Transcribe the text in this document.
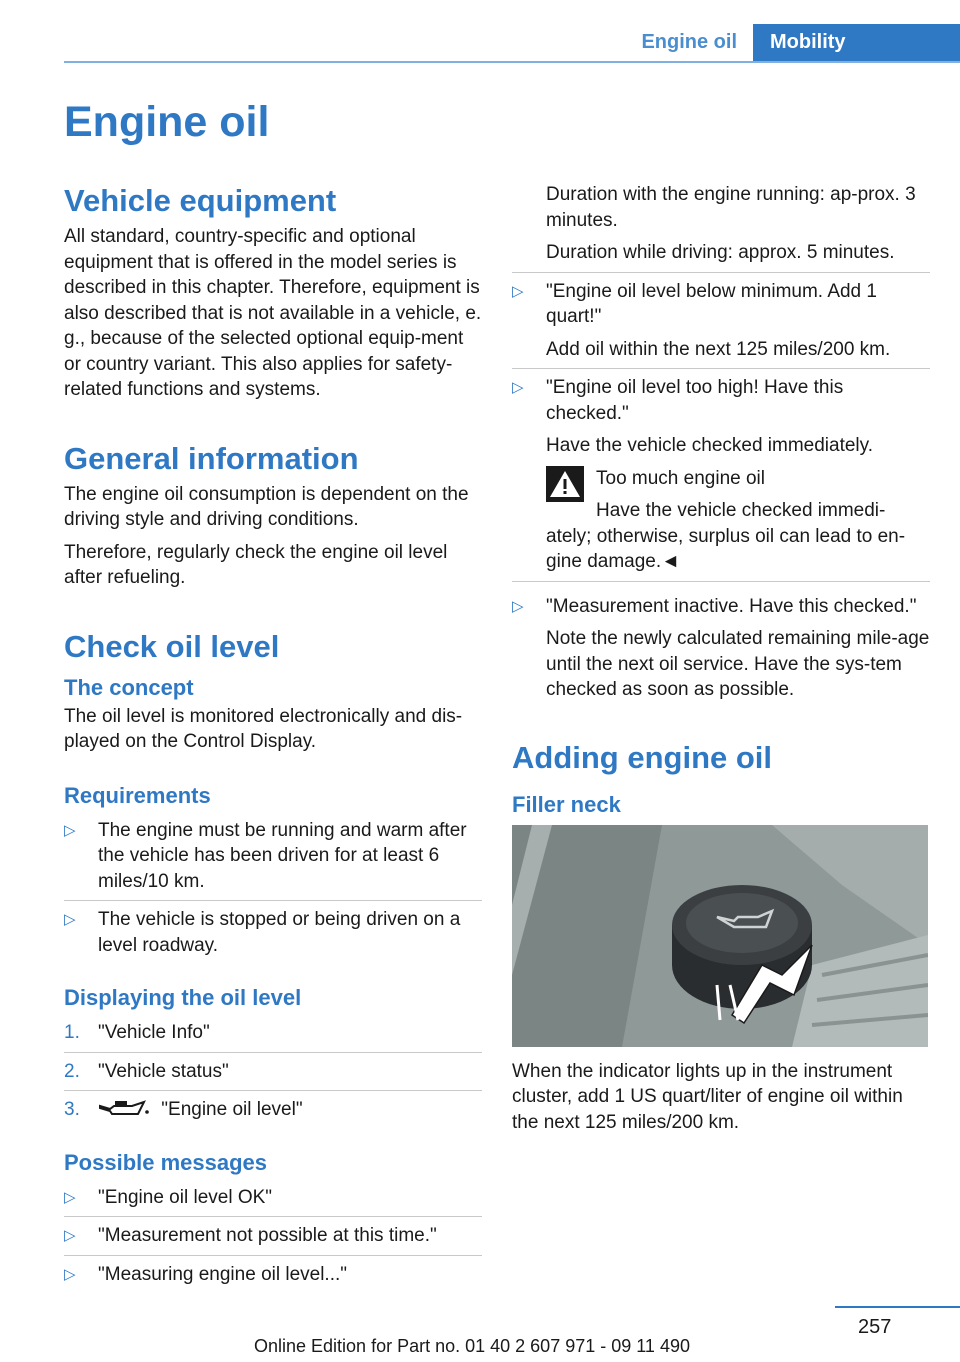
Engine oil	Mobility
Engine oil
Vehicle equipment

All standard, country-specific and optional equipment that is offered in the model series is described in this chapter. Therefore, equipment is also described that is not available in a vehicle, e. g., because of the selected optional equip-ment or country variant. This also applies for safety-related functions and systems.

General information

The engine oil consumption is dependent on the driving style and driving conditions.

Therefore, regularly check the engine oil level after refueling.

Check oil level
The concept

The oil level is monitored electronically and dis-played on the Control Display.

Requirements
▷ The engine must be running and warm after the vehicle has been driven for at least 6 miles/10 km.
▷ The vehicle is stopped or being driven on a level roadway.
Displaying the oil level
1. "Vehicle Info"
2. "Vehicle status"
3.	"Engine oil level"
Possible messages
▷ "Engine oil level OK"
▷ "Measurement not possible at this time."
▷ "Measuring engine oil level..."

Duration with the engine running: ap-prox. 3 minutes.

Duration while driving: approx. 5 minutes.

▷ "Engine oil level below minimum. Add 1 quart!"

Add oil within the next 125 miles/200 km.

▷ "Engine oil level too high! Have this checked."

Have the vehicle checked immediately.

Too much engine oil

Have the vehicle checked immedi-ately; otherwise, surplus oil can lead to en-gine damage.◄

▷ "Measurement inactive. Have this checked."

Note the newly calculated remaining mile-age until the next oil service. Have the sys-tem checked as soon as possible.

Adding engine oil
Filler neck

When the indicator lights up in the instrument cluster, add 1 US quart/liter of engine oil within the next 125 miles/200 km.

257
Online Edition for Part no. 01 40 2 607 971 - 09 11 490
